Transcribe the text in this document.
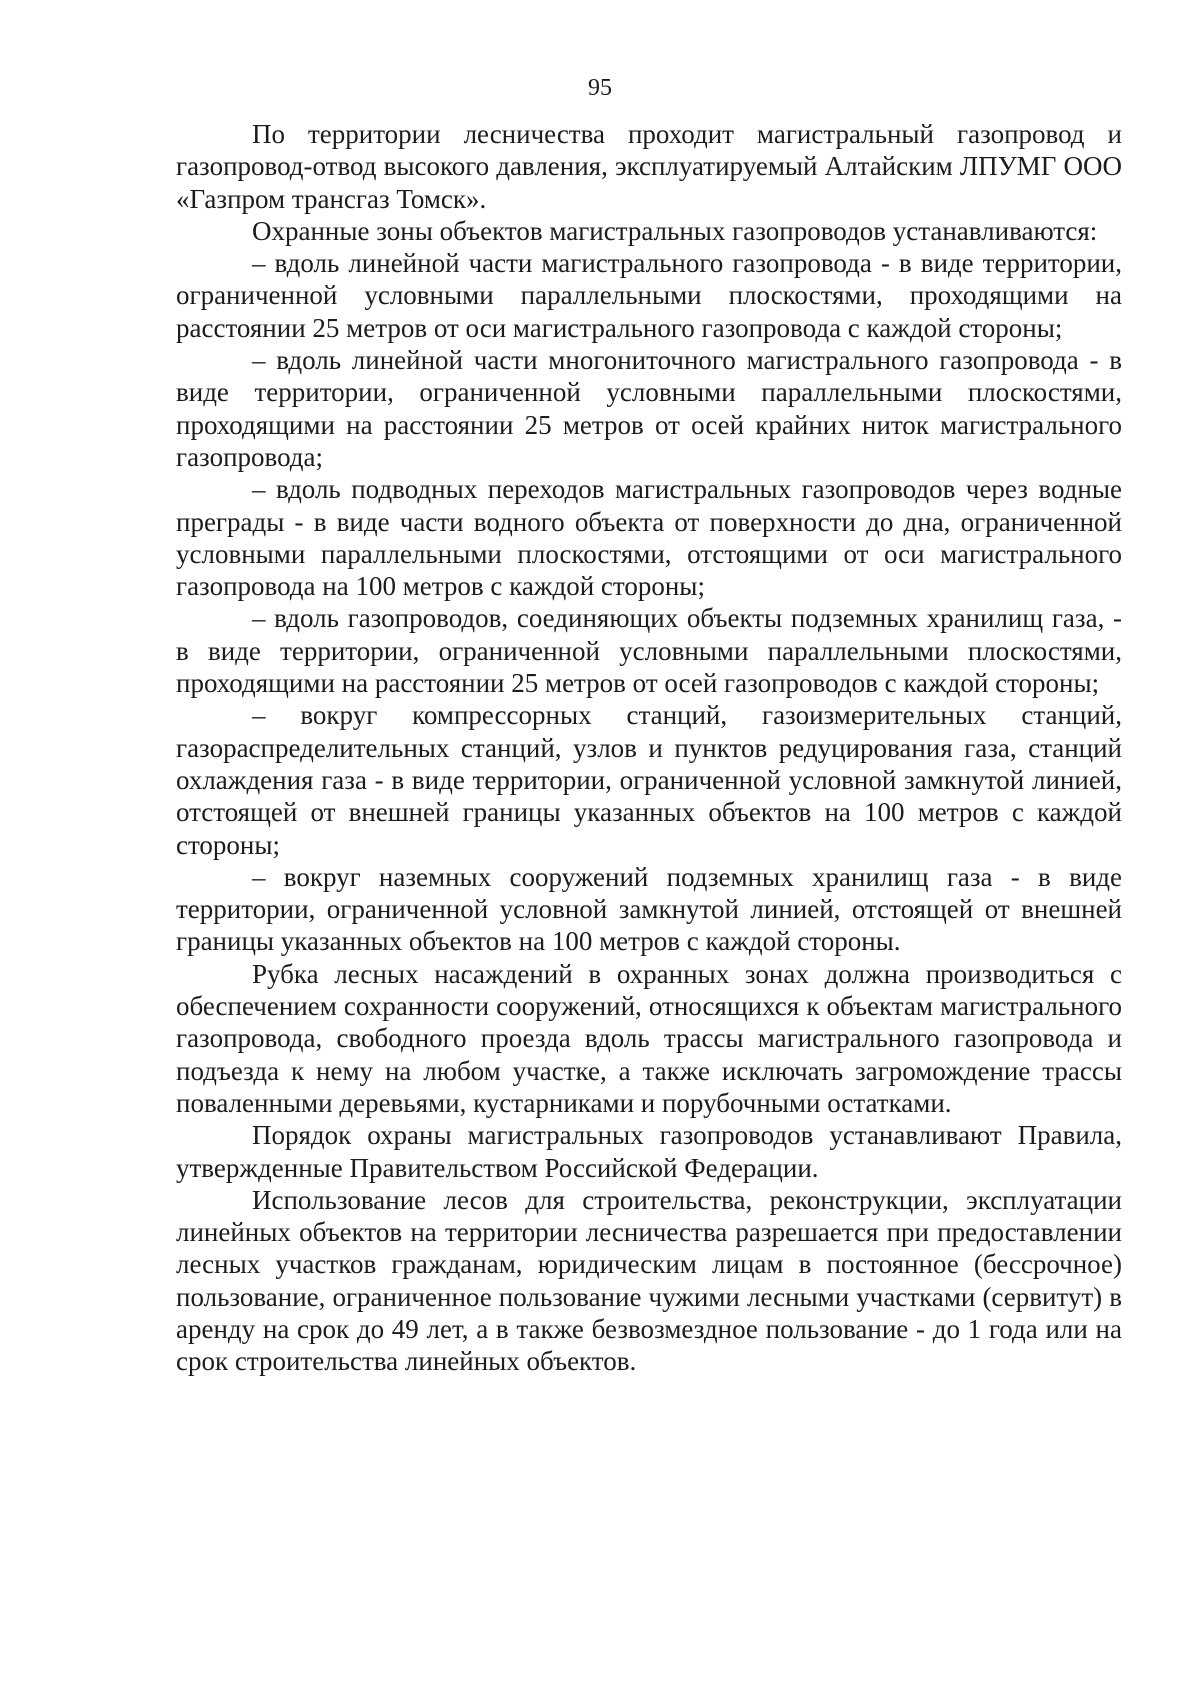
95

По территории лесничества проходит магистральный газопровод и газопровод-отвод высокого давления, эксплуатируемый Алтайским ЛПУМГ ООО «Газпром трансгаз Томск».

Охранные зоны объектов магистральных газопроводов устанавливаются:

– вдоль линейной части магистрального газопровода - в виде территории, ограниченной условными параллельными плоскостями, проходящими на расстоянии 25 метров от оси магистрального газопровода с каждой стороны;

– вдоль линейной части многониточного магистрального газопровода - в виде территории, ограниченной условными параллельными плоскостями, проходящими на расстоянии 25 метров от осей крайних ниток магистрального газопровода;

– вдоль подводных переходов магистральных газопроводов через водные преграды - в виде части водного объекта от поверхности до дна, ограниченной условными параллельными плоскостями, отстоящими от оси магистрального газопровода на 100 метров с каждой стороны;

– вдоль газопроводов, соединяющих объекты подземных хранилищ газа, - в виде территории, ограниченной условными параллельными плоскостями, проходящими на расстоянии 25 метров от осей газопроводов с каждой стороны;

– вокруг компрессорных станций, газоизмерительных станций, газораспределительных станций, узлов и пунктов редуцирования газа, станций охлаждения газа - в виде территории, ограниченной условной замкнутой линией, отстоящей от внешней границы указанных объектов на 100 метров с каждой стороны;

– вокруг наземных сооружений подземных хранилищ газа - в виде территории, ограниченной условной замкнутой линией, отстоящей от внешней границы указанных объектов на 100 метров с каждой стороны.

Рубка лесных насаждений в охранных зонах должна производиться с обеспечением сохранности сооружений, относящихся к объектам магистрального газопровода, свободного проезда вдоль трассы магистрального газопровода и подъезда к нему на любом участке, а также исключать загромождение трассы поваленными деревьями, кустарниками и порубочными остатками.

Порядок охраны магистральных газопроводов устанавливают Правила, утвержденные Правительством Российской Федерации.

Использование лесов для строительства, реконструкции, эксплуатации линейных объектов на территории лесничества разрешается при предоставлении лесных участков гражданам, юридическим лицам в постоянное (бессрочное) пользование, ограниченное пользование чужими лесными участками (сервитут) в аренду на срок до 49 лет, а в также безвозмездное пользование - до 1 года или на срок строительства линейных объектов.
